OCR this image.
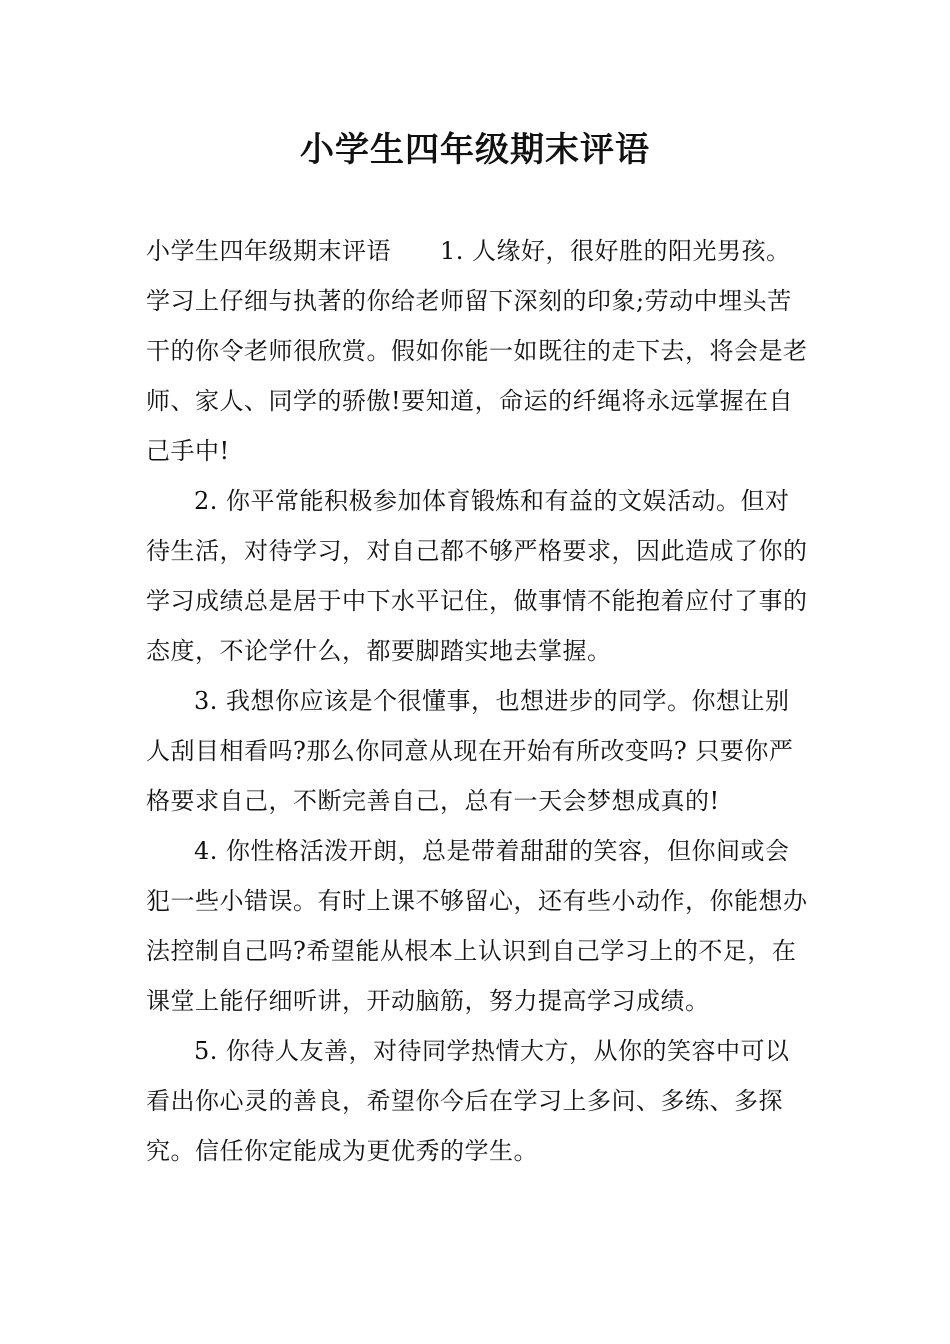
小学生四年级期末评语

小学生四年级期末评语　　1. 人缘好，很好胜的阳光男孩。学习上仔细与执著的你给老师留下深刻的印象;劳动中埋头苦干的你令老师很欣赏。假如你能一如既往的走下去，将会是老师、家人、同学的骄傲!要知道，命运的纤绳将永远掌握在自己手中!

2. 你平常能积极参加体育锻炼和有益的文娱活动。但对待生活，对待学习，对自己都不够严格要求，因此造成了你的学习成绩总是居于中下水平记住，做事情不能抱着应付了事的态度，不论学什么，都要脚踏实地去掌握。

3. 我想你应该是个很懂事，也想进步的同学。你想让别人刮目相看吗?那么你同意从现在开始有所改变吗? 只要你严格要求自己，不断完善自己，总有一天会梦想成真的!

4. 你性格活泼开朗，总是带着甜甜的笑容，但你间或会犯一些小错误。有时上课不够留心，还有些小动作，你能想办法控制自己吗?希望能从根本上认识到自己学习上的不足，在课堂上能仔细听讲，开动脑筋，努力提高学习成绩。

5. 你待人友善，对待同学热情大方，从你的笑容中可以看出你心灵的善良，希望你今后在学习上多问、多练、多探究。信任你定能成为更优秀的学生。
